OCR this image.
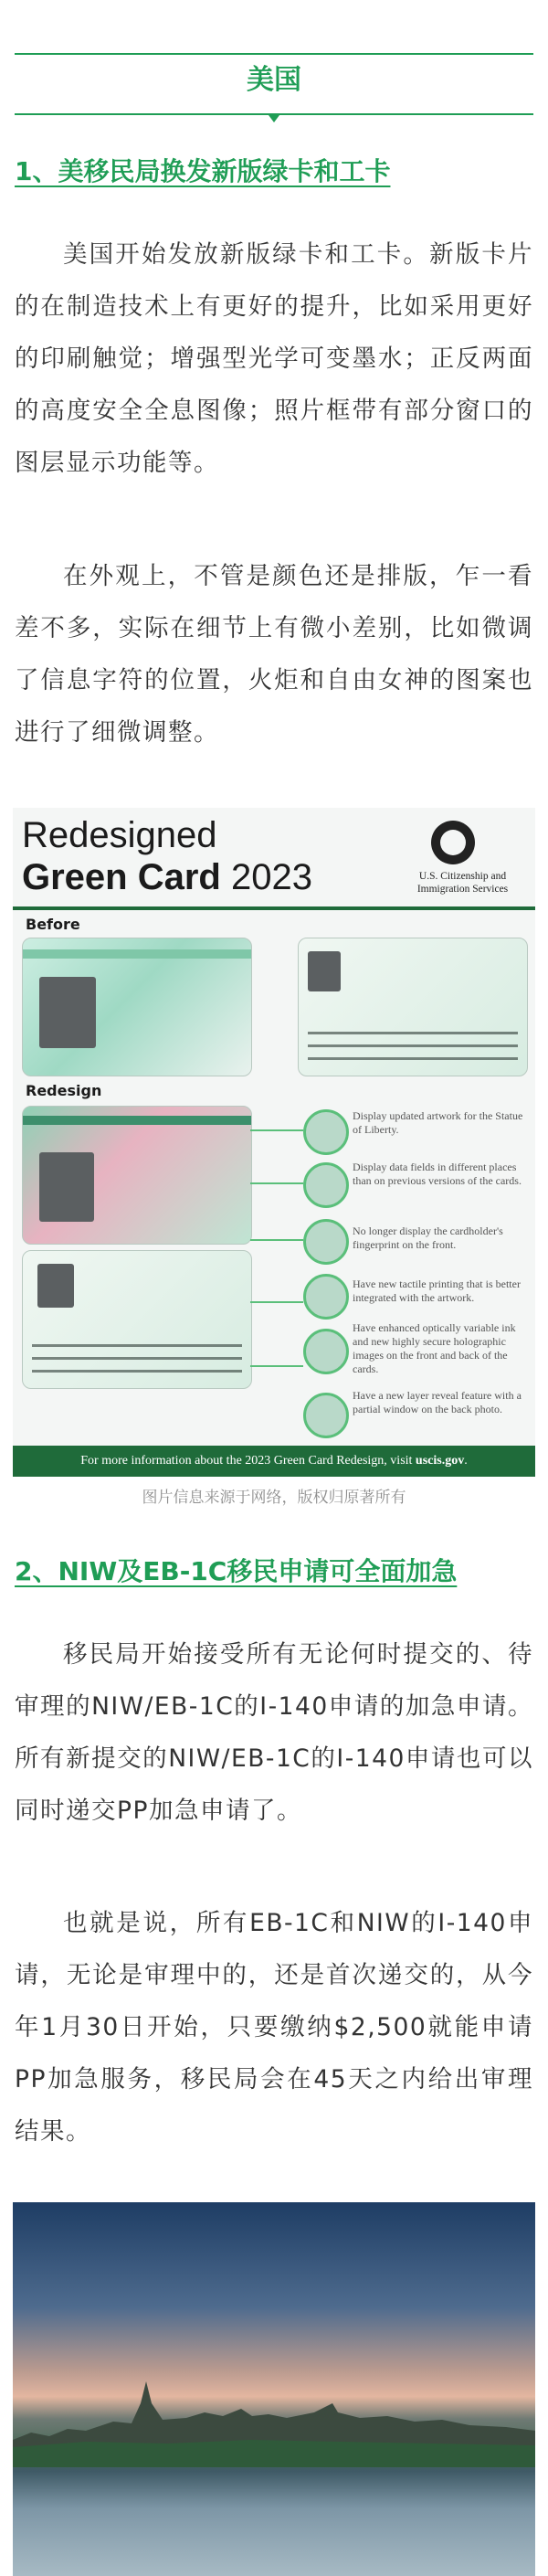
美国
1、美移民局换发新版绿卡和工卡
美国开始发放新版绿卡和工卡。新版卡片的在制造技术上有更好的提升，比如采用更好的印刷触觉；增强型光学可变墨水；正反两面的高度安全全息图像；照片框带有部分窗口的图层显示功能等。
在外观上，不管是颜色还是排版，乍一看差不多，实际在细节上有微小差别，比如微调了信息字符的位置，火炬和自由女神的图案也进行了细微调整。
Redesigned
Green Card 2023	U.S. Citizenship and
Immigration Services
Before
Redesign
Display updated artwork for the Statue of Liberty.
Display data fields in different places than on previous versions of the cards.
No longer display the cardholder's fingerprint on the front.
Have new tactile printing that is better integrated with the artwork.
Have enhanced optically variable ink and new highly secure holographic images on the front and back of the cards.
Have a new layer reveal feature with a partial window on the back photo.
For more information about the 2023 Green Card Redesign, visit uscis.gov.
图片信息来源于网络，版权归原著所有
2、NIW及EB-1C移民申请可全面加急
移民局开始接受所有无论何时提交的、待审理的NIW/EB-1C的I-140申请的加急申请。所有新提交的NIW/EB-1C的I-140申请也可以同时递交PP加急申请了。
也就是说，所有EB-1C和NIW的I-140申请，无论是审理中的，还是首次递交的，从今年1月30日开始，只要缴纳$2,500就能申请PP加急服务，移民局会在45天之内给出审理结果。
